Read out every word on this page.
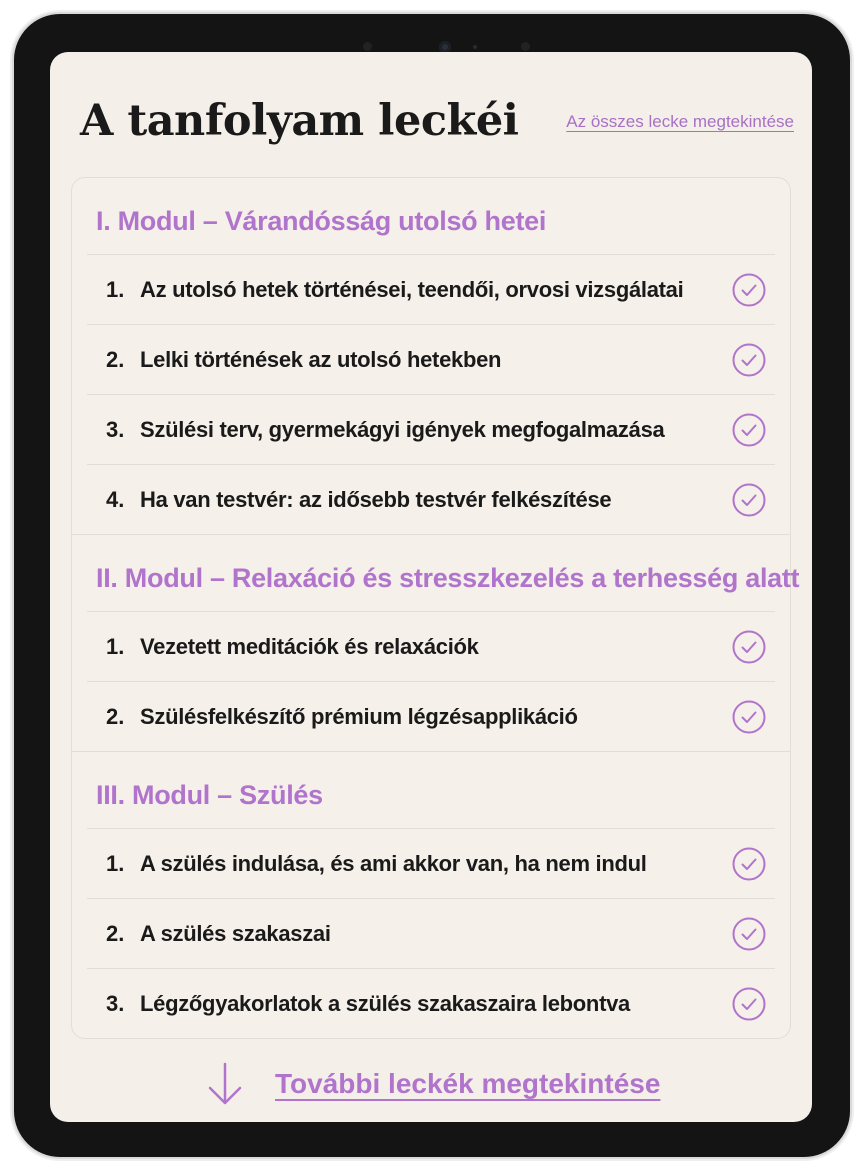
A tanfolyam leckéi	Az összes lecke megtekintése
I. Modul – Várandósság utolsó hetei
1. Az utolsó hetek történései, teendői, orvosi vizsgálatai
2. Lelki történések az utolsó hetekben
3. Szülési terv, gyermekágyi igények megfogalmazása
4. Ha van testvér: az idősebb testvér felkészítése
II. Modul – Relaxáció és stresszkezelés a terhesség alatt
1. Vezetett meditációk és relaxációk
2. Szülésfelkészítő prémium légzésapplikáció
III. Modul – Szülés
1. A szülés indulása, és ami akkor van, ha nem indul
2. A szülés szakaszai
3. Légzőgyakorlatok a szülés szakaszaira lebontva
További leckék megtekintése
